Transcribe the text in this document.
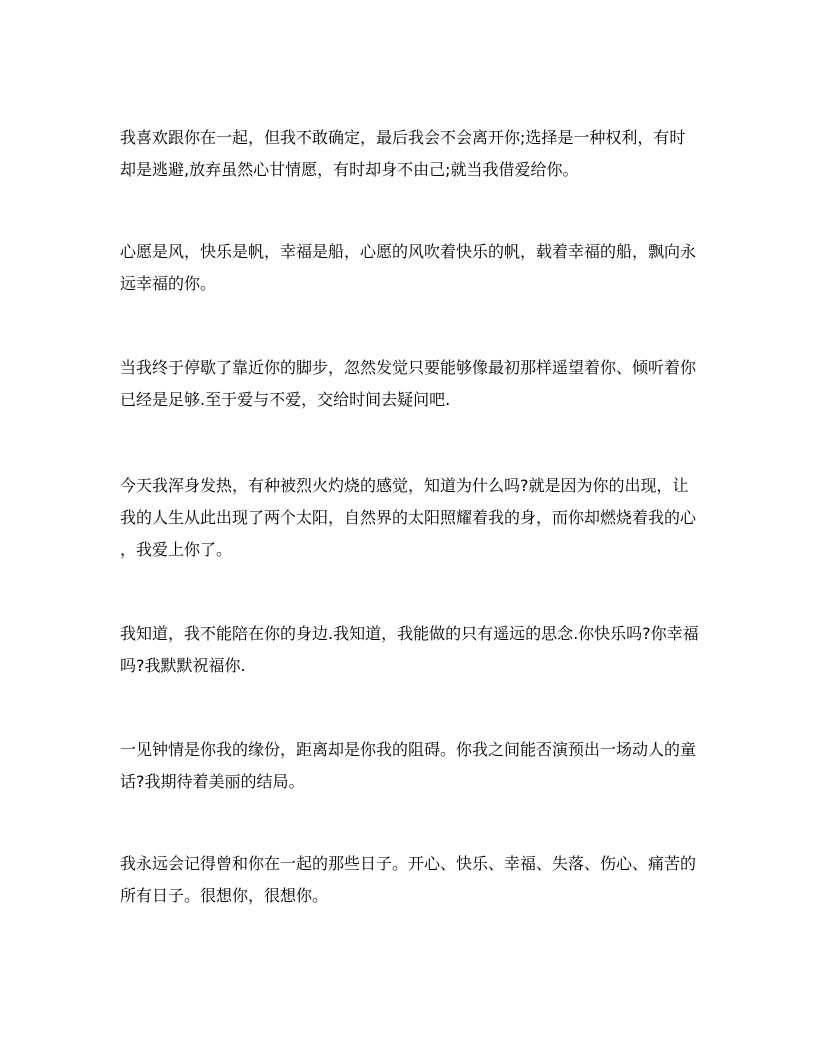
我喜欢跟你在一起，但我不敢确定，最后我会不会离开你;选择是一种权利，有时
却是逃避,放弃虽然心甘情愿，有时却身不由己;就当我借爱给你。

心愿是风，快乐是帆，幸福是船，心愿的风吹着快乐的帆，载着幸福的船，飘向永
远幸福的你。

当我终于停歇了靠近你的脚步，忽然发觉只要能够像最初那样遥望着你、倾听着你
已经是足够.至于爱与不爱，交给时间去疑问吧.

今天我浑身发热，有种被烈火灼烧的感觉，知道为什么吗?就是因为你的出现，让
我的人生从此出现了两个太阳，自然界的太阳照耀着我的身，而你却燃烧着我的心
，我爱上你了。

我知道，我不能陪在你的身边.我知道，我能做的只有遥远的思念.你快乐吗?你幸福
吗?我默默祝福你.

一见钟情是你我的缘份，距离却是你我的阻碍。你我之间能否演预出一场动人的童
话?我期待着美丽的结局。

我永远会记得曾和你在一起的那些日子。开心、快乐、幸福、失落、伤心、痛苦的
所有日子。很想你，很想你。
